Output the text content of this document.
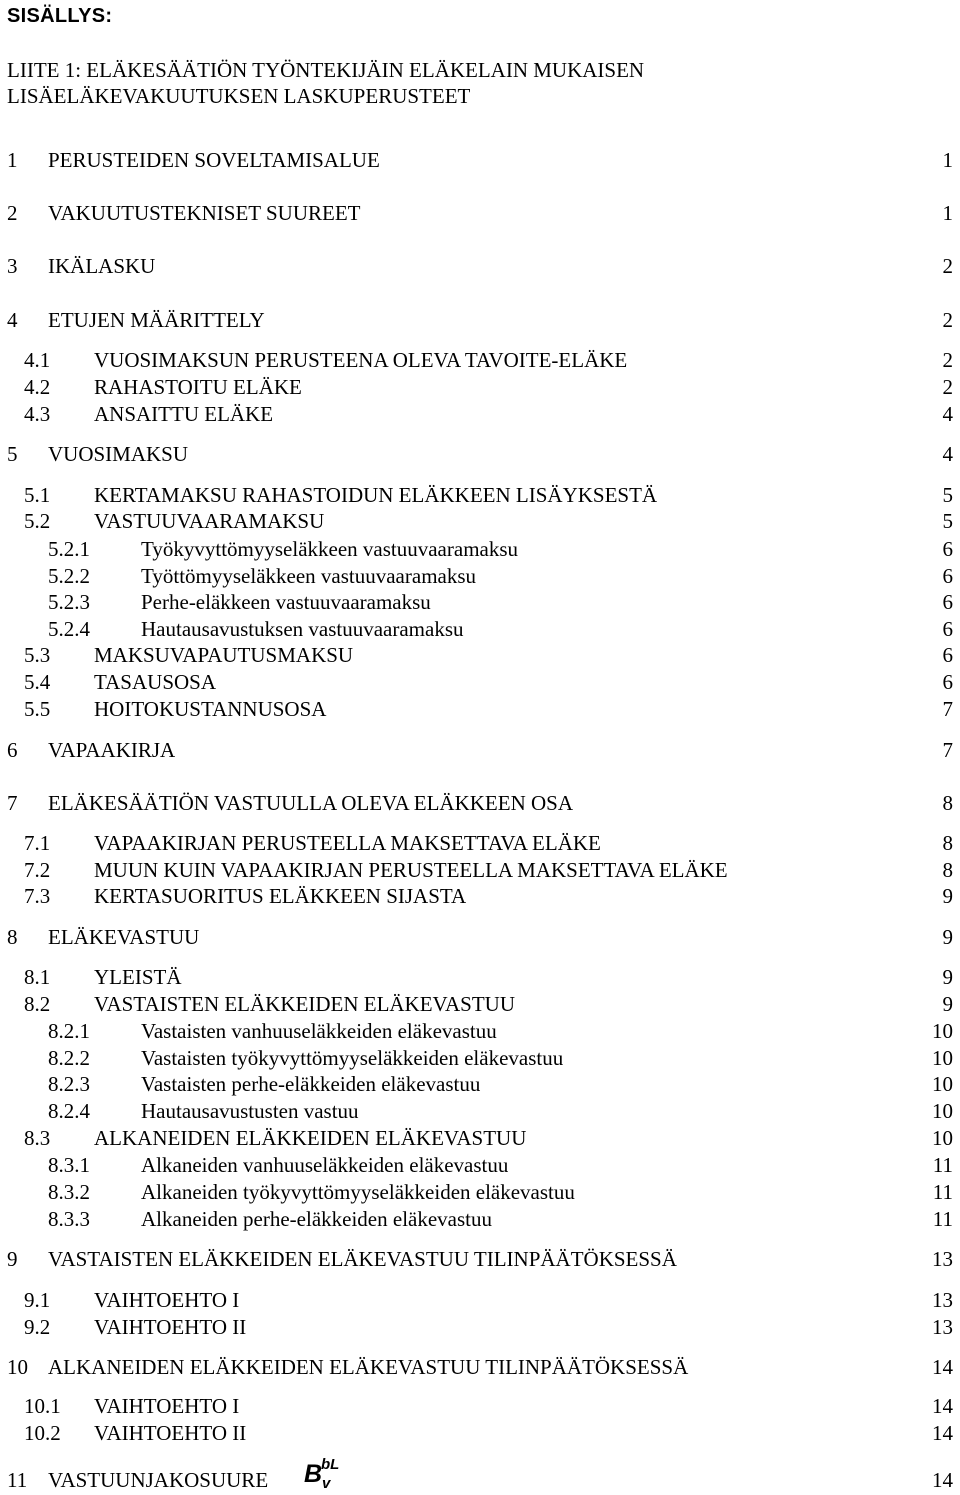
SISÄLLYS:
LIITE 1: ELÄKESÄÄTIÖN TYÖNTEKIJÄIN ELÄKELAIN MUKAISEN
LISÄELÄKEVAKUUTUKSEN LASKUPERUSTEET
1 PERUSTEIDEN SOVELTAMISALUE	1
2 VAKUUTUSTEKNISET SUUREET	1
3 IKÄLASKU	2
4 ETUJEN MÄÄRITTELY	2
4.1 VUOSIMAKSUN PERUSTEENA OLEVA TAVOITE-ELÄKE	2
4.2 RAHASTOITU ELÄKE	2
4.3 ANSAITTU ELÄKE	4
5 VUOSIMAKSU	4
5.1 KERTAMAKSU RAHASTOIDUN ELÄKKEEN LISÄYKSESTÄ	5
5.2 VASTUUVAARAMAKSU	5
5.2.1 Työkyvyttömyyseläkkeen vastuuvaaramaksu	6
5.2.2 Työttömyyseläkkeen vastuuvaaramaksu	6
5.2.3 Perhe-eläkkeen vastuuvaaramaksu	6
5.2.4 Hautausavustuksen vastuuvaaramaksu	6
5.3 MAKSUVAPAUTUSMAKSU	6
5.4 TASAUSOSA	6
5.5 HOITOKUSTANNUSOSA	7
6 VAPAAKIRJA	7
7 ELÄKESÄÄTIÖN VASTUULLA OLEVA ELÄKKEEN OSA	8
7.1 VAPAAKIRJAN PERUSTEELLA MAKSETTAVA ELÄKE	8
7.2 MUUN KUIN VAPAAKIRJAN PERUSTEELLA MAKSETTAVA ELÄKE	8
7.3 KERTASUORITUS ELÄKKEEN SIJASTA	9
8 ELÄKEVASTUU	9
8.1 YLEISTÄ	9
8.2 VASTAISTEN ELÄKKEIDEN ELÄKEVASTUU	9
8.2.1 Vastaisten vanhuuseläkkeiden eläkevastuu	10
8.2.2 Vastaisten työkyvyttömyyseläkkeiden eläkevastuu	10
8.2.3 Vastaisten perhe-eläkkeiden eläkevastuu	10
8.2.4 Hautausavustusten vastuu	10
8.3 ALKANEIDEN ELÄKKEIDEN ELÄKEVASTUU	10
8.3.1 Alkaneiden vanhuuseläkkeiden eläkevastuu	11
8.3.2 Alkaneiden työkyvyttömyyseläkkeiden eläkevastuu	11
8.3.3 Alkaneiden perhe-eläkkeiden eläkevastuu	11
9 VASTAISTEN ELÄKKEIDEN ELÄKEVASTUU TILINPÄÄTÖKSESSÄ	13
9.1 VAIHTOEHTO I	13
9.2 VAIHTOEHTO II	13
10 ALKANEIDEN ELÄKKEIDEN ELÄKEVASTUU TILINPÄÄTÖKSESSÄ	14
10.1 VAIHTOEHTO I	14
10.2 VAIHTOEHTO II	14
11 VASTUUNJAKOSUURE	14
B
bL
v
